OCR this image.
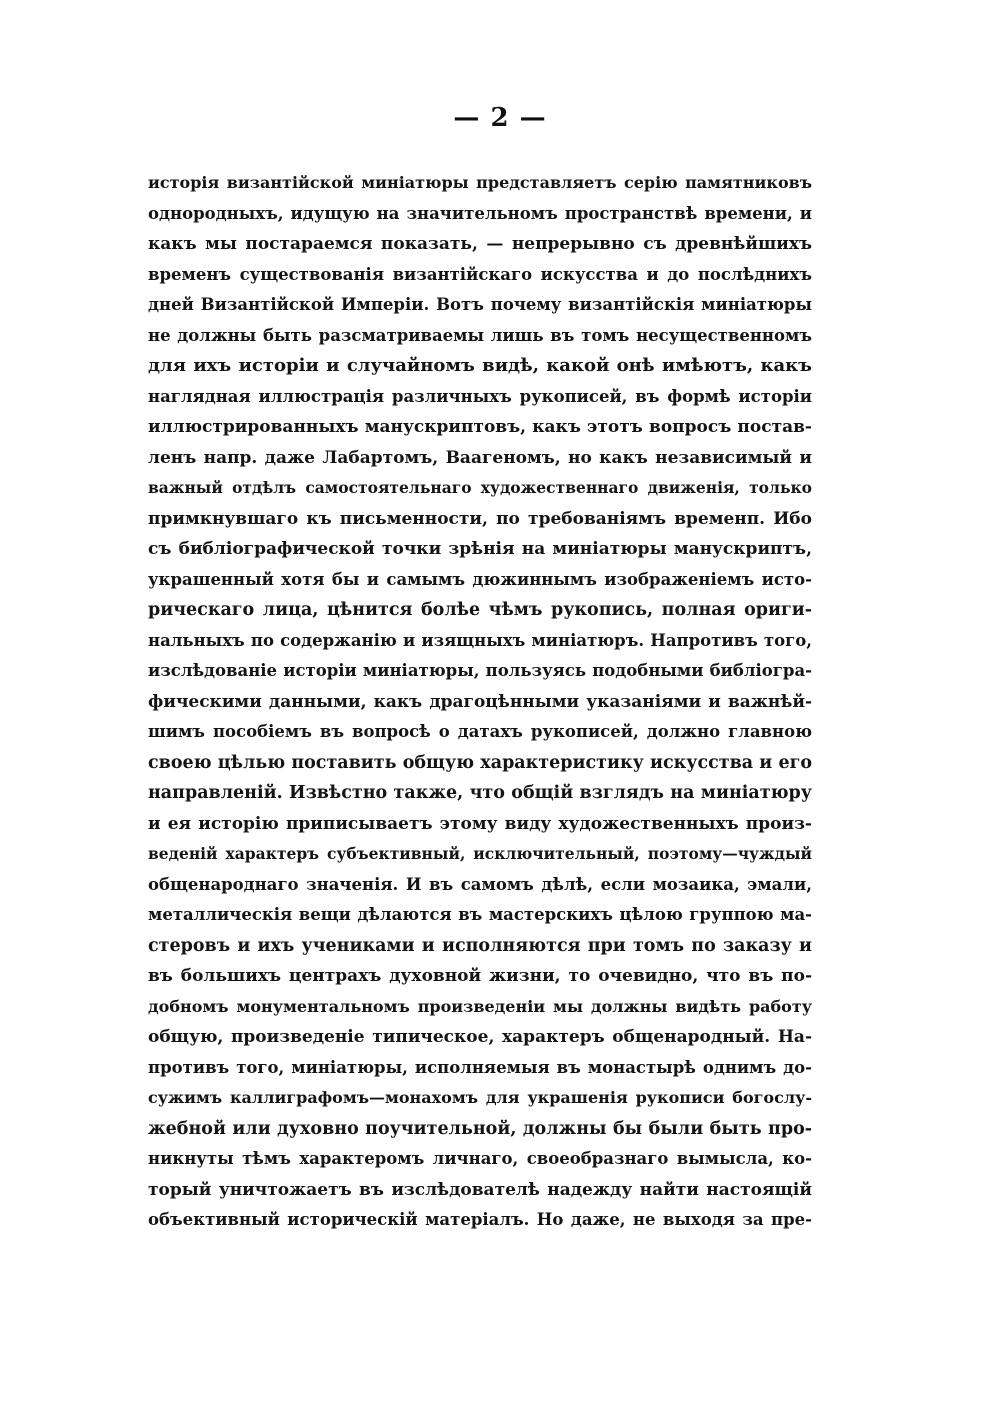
— 2 —
исторія византійской миніатюры представляетъ серію памятниковъ
однородныхъ, идущую на значительномъ пространствѣ времени, и
какъ мы постараемся показать, — непрерывно съ древнѣйшихъ
временъ существованія византійскаго искусства и до послѣднихъ
дней Византійской Имперіи. Вотъ почему византійскія миніатюры
не должны быть разсматриваемы лишь въ томъ несущественномъ
для ихъ исторіи и случайномъ видѣ, какой онѣ имѣютъ, какъ
наглядная иллюстрація различныхъ рукописей, въ формѣ исторіи
иллюстрированныхъ манускриптовъ, какъ этотъ вопросъ постав-
ленъ напр. даже Лабартомъ, Ваагеномъ, но какъ независимый и
важный отдѣлъ самостоятельнаго художественнаго движенія, только
примкнувшаго къ письменности, по требованіямъ временп. Ибо
съ библіографической точки зрѣнія на миніатюры манускриптъ,
украшенный хотя бы и самымъ дюжиннымъ изображеніемъ исто-
рическаго лица, цѣнится болѣе чѣмъ рукопись, полная ориги-
нальныхъ по содержанію и изящныхъ миніатюръ. Напротивъ того,
изслѣдованіе исторіи миніатюры, пользуясь подобными библіогра-
фическими данными, какъ драгоцѣнными указаніями и важнѣй-
шимъ пособіемъ въ вопросѣ о датахъ рукописей, должно главною
своею цѣлью поставить общую характеристику искусства и его
направленій. Извѣстно также, что общій взглядъ на миніатюру
и ея исторію приписываетъ этому виду художественныхъ произ-
веденій характеръ субъективный, исключительный, поэтому—чуждый
общенароднаго значенія. И въ самомъ дѣлѣ, если мозаика, эмали,
металлическія вещи дѣлаются въ мастерскихъ цѣлою группою ма-
стеровъ и ихъ учениками и исполняются при томъ по заказу и
въ большихъ центрахъ духовной жизни, то очевидно, что въ по-
добномъ монументальномъ произведеніи мы должны видѣть работу
общую, произведеніе типическое, характеръ общенародный. На-
противъ того, миніатюры, исполняемыя въ монастырѣ однимъ до-
сужимъ каллиграфомъ—монахомъ для украшенія рукописи богослу-
жебной или духовно поучительной, должны бы были быть про-
никнуты тѣмъ характеромъ личнаго, своеобразнаго вымысла, ко-
торый уничтожаетъ въ изслѣдователѣ надежду найти настоящій
объективный историческій матеріалъ. Но даже, не выходя за пре-
